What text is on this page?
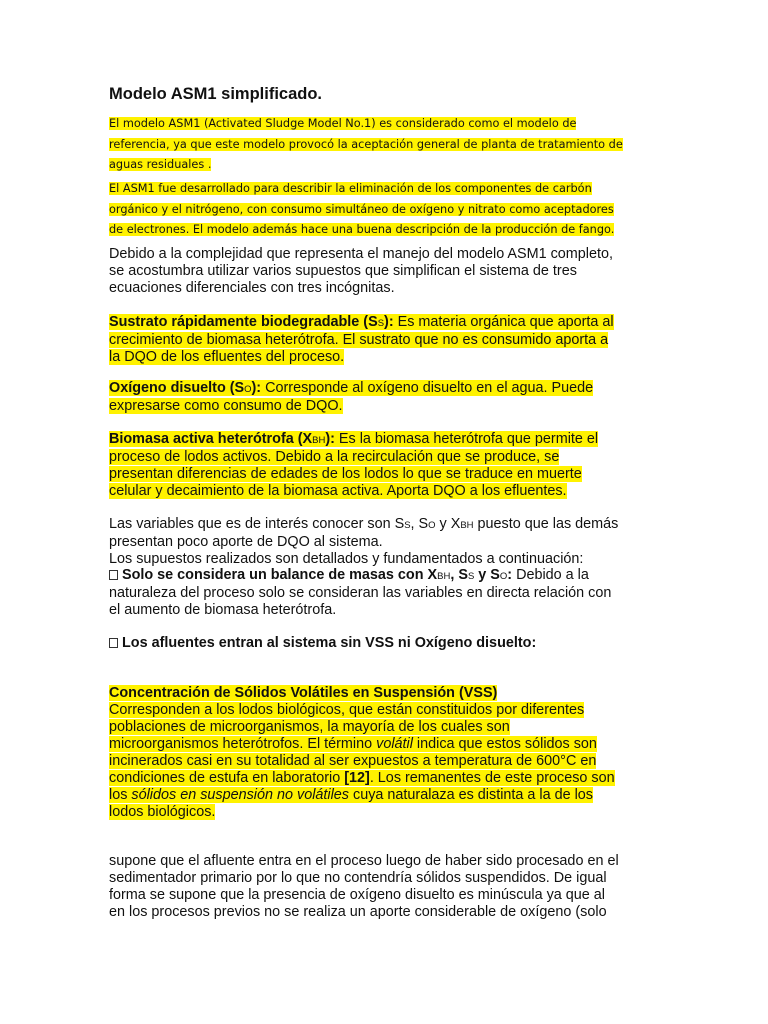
Modelo ASM1 simplificado.
El modelo ASM1 (Activated Sludge Model No.1) es considerado como el modelo de
referencia, ya que este modelo provocó la aceptación general de planta de tratamiento de
aguas residuales .
El ASM1 fue desarrollado para describir la eliminación de los componentes de carbón
orgánico y el nitrógeno, con consumo simultáneo de oxígeno y nitrato como aceptadores
de electrones. El modelo además hace una buena descripción de la producción de fango.
Debido a la complejidad que representa el manejo del modelo ASM1 completo,
se acostumbra utilizar varios supuestos que simplifican el sistema de tres
ecuaciones diferenciales con tres incógnitas.
Sustrato rápidamente biodegradable (SS): Es materia orgánica que aporta al
crecimiento de biomasa heterótrofa. El sustrato que no es consumido aporta a
la DQO de los efluentes del proceso.
Oxígeno disuelto (SO): Corresponde al oxígeno disuelto en el agua. Puede
expresarse como consumo de DQO.
Biomasa activa heterótrofa (XBH): Es la biomasa heterótrofa que permite el
proceso de lodos activos. Debido a la recirculación que se produce, se
presentan diferencias de edades de los lodos lo que se traduce en muerte
celular y decaimiento de la biomasa activa. Aporta DQO a los efluentes.
Las variables que es de interés conocer son SS, SO y XBH puesto que las demás
presentan poco aporte de DQO al sistema.
Los supuestos realizados son detallados y fundamentados a continuación:
Solo se considera un balance de masas con XBH, SS y SO: Debido a la
naturaleza del proceso solo se consideran las variables en directa relación con
el aumento de biomasa heterótrofa.
Los afluentes entran al sistema sin VSS ni Oxígeno disuelto:
Concentración de Sólidos Volátiles en Suspensión (VSS)
Corresponden a los lodos biológicos, que están constituidos por diferentes
poblaciones de microorganismos, la mayoría de los cuales son
microorganismos heterótrofos. El término volátil indica que estos sólidos son
incinerados casi en su totalidad al ser expuestos a temperatura de 600°C en
condiciones de estufa en laboratorio [12]. Los remanentes de este proceso son
los sólidos en suspensión no volátiles cuya naturalaza es distinta a la de los
lodos biológicos.
supone que el afluente entra en el proceso luego de haber sido procesado en el
sedimentador primario por lo que no contendría sólidos suspendidos. De igual
forma se supone que la presencia de oxígeno disuelto es minúscula ya que al
en los procesos previos no se realiza un aporte considerable de oxígeno (solo
